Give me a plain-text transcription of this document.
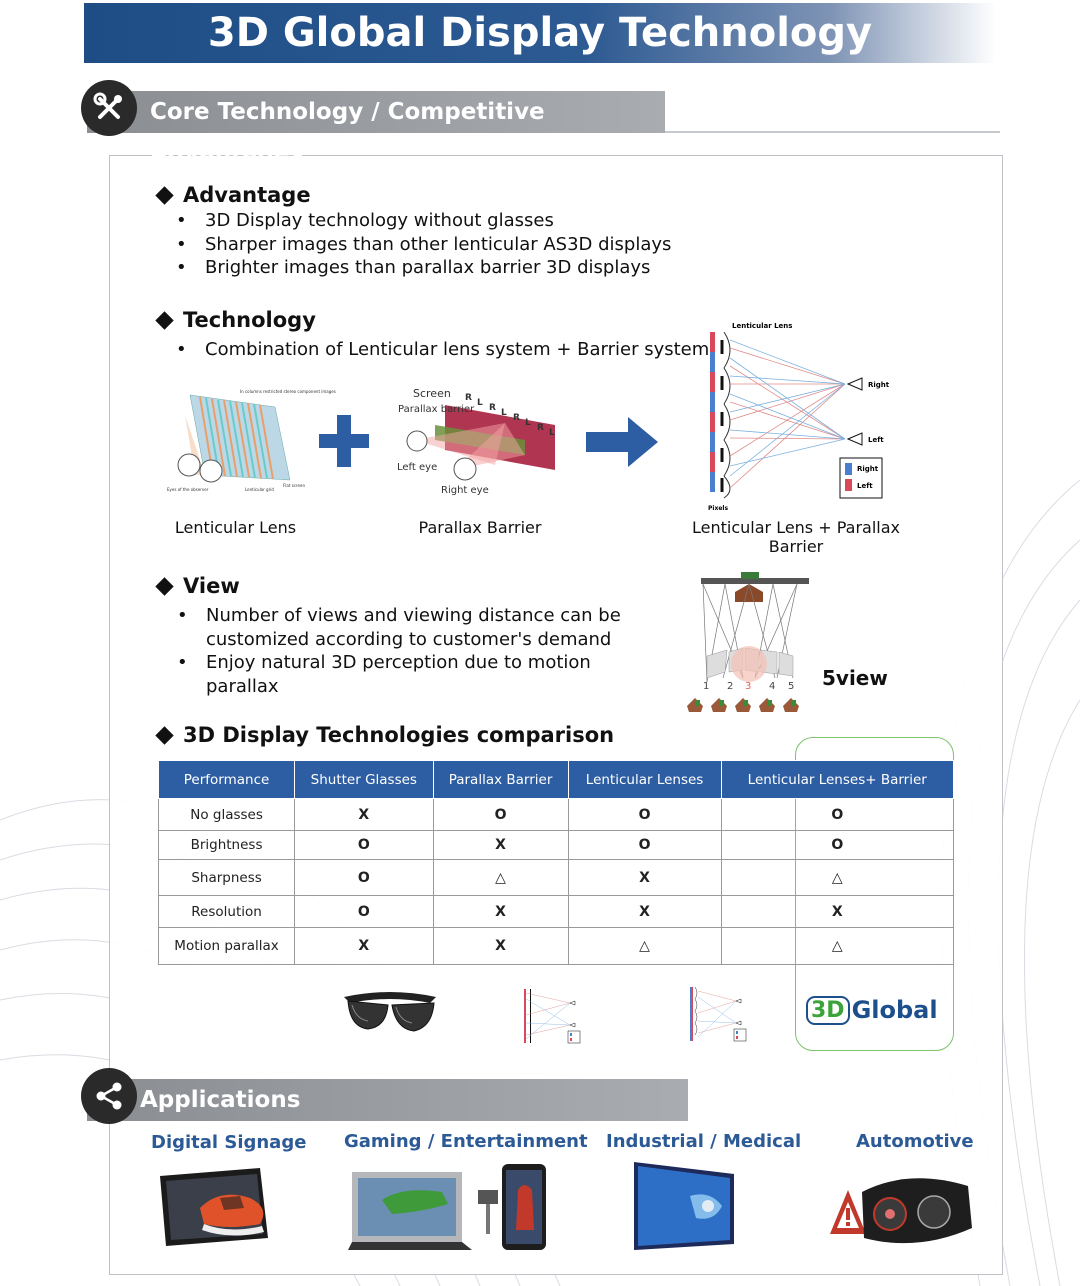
3D Global Display Technology
Core Technology / Competitive Advantages
Advantage
• 3D Display technology without glasses
• Sharper images than other lenticular AS3D displays
• Brighter images than parallax barrier 3D displays
Technology
• Combination of Lenticular lens system + Barrier system
In columns restricted stereo component images
Eyes of the observer	Lenticular grid
Flat screen
Screen
Parallax barrier
Left eye
Right eye
R L R L R L R L
Lenticular Lens
Right
Left
Right
Left
Pixels
Lenticular Lens	Parallax Barrier	Lenticular Lens + Parallax Barrier
View
• Number of views and viewing distance can be customized according to customer's demand
• Enjoy natural 3D perception due to motion parallax	1 2 3 4 5 5view
3D Display Technologies comparison
Performance	Shutter Glasses	Parallax Barrier	Lenticular Lenses	Lenticular Lenses+ Barrier
No glasses	X	O	O	O
Brightness	O	X	O	O
Sharpness	O	△	X	△
Resolution	O	X	X	X
Motion parallax	X	X	△	△
3D Global
Applications
Digital Signage Gaming / Entertainment Industrial / Medical	Automotive
